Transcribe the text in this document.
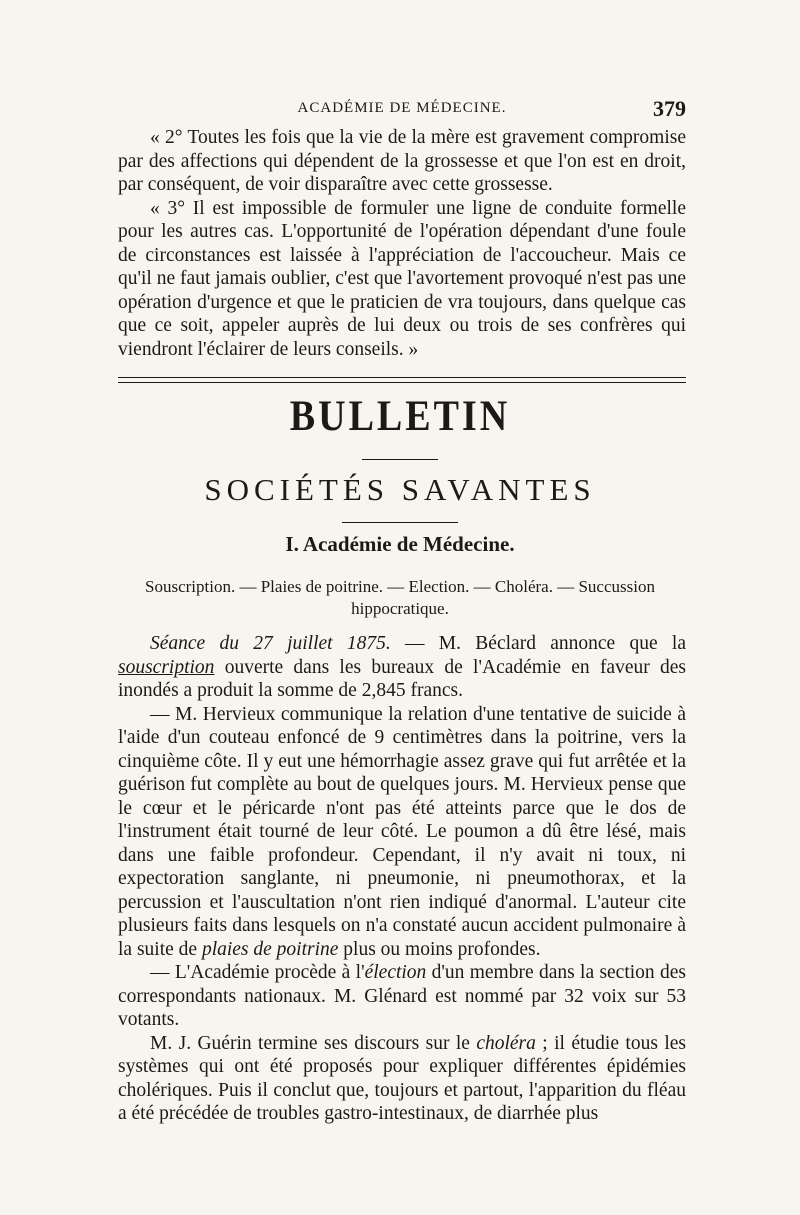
ACADÉMIE DE MÉDECINE.	379

« 2° Toutes les fois que la vie de la mère est gravement compromise par des affections qui dépendent de la grossesse et que l'on est en droit, par conséquent, de voir disparaître avec cette grossesse.

« 3° Il est impossible de formuler une ligne de conduite formelle pour les autres cas. L'opportunité de l'opération dépendant d'une foule de circonstances est laissée à l'appréciation de l'accoucheur. Mais ce qu'il ne faut jamais oublier, c'est que l'avortement provoqué n'est pas une opération d'urgence et que le praticien de vra toujours, dans quelque cas que ce soit, appeler auprès de lui deux ou trois de ses confrères qui viendront l'éclairer de leurs conseils. »

BULLETIN
SOCIÉTÉS SAVANTES
I. Académie de Médecine.
Souscription. — Plaies de poitrine. — Election. — Choléra. — Succussion
hippocratique.

Séance du 27 juillet 1875. — M. Béclard annonce que la souscription ouverte dans les bureaux de l'Académie en faveur des inondés a produit la somme de 2,845 francs.

— M. Hervieux communique la relation d'une tentative de suicide à l'aide d'un couteau enfoncé de 9 centimètres dans la poitrine, vers la cinquième côte. Il y eut une hémorrhagie assez grave qui fut arrêtée et la guérison fut complète au bout de quelques jours. M. Hervieux pense que le cœur et le péricarde n'ont pas été atteints parce que le dos de l'instrument était tourné de leur côté. Le poumon a dû être lésé, mais dans une faible profondeur. Cependant, il n'y avait ni toux, ni expectoration sanglante, ni pneumonie, ni pneumothorax, et la percussion et l'auscultation n'ont rien indiqué d'anormal. L'auteur cite plusieurs faits dans lesquels on n'a constaté aucun accident pulmonaire à la suite de plaies de poitrine plus ou moins profondes.

— L'Académie procède à l'élection d'un membre dans la section des correspondants nationaux. M. Glénard est nommé par 32 voix sur 53 votants.

M. J. Guérin termine ses discours sur le choléra ; il étudie tous les systèmes qui ont été proposés pour expliquer différentes épidémies cholériques. Puis il conclut que, toujours et partout, l'apparition du fléau a été précédée de troubles gastro-intestinaux, de diarrhée plus
